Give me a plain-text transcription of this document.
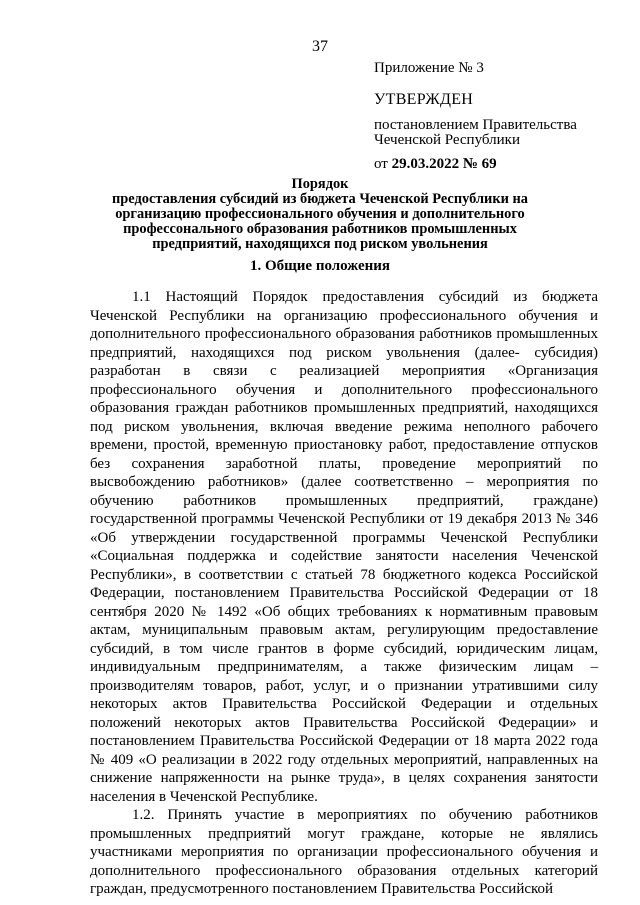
37

Приложение № 3

УТВЕРЖДЕН

постановлением Правительства Чеченской Республики

от 29.03.2022 № 69

Порядок

предоставления субсидий из бюджета Чеченской Республики на организацию профессионального обучения и дополнительного профессонального образования работников промышленных предприятий, находящихся под риском увольнения

1. Общие положения

1.1 Настоящий Порядок предоставления субсидий из бюджета Чеченской Республики на организацию профессионального обучения и дополнительного профессионального образования работников промышленных предприятий, находящихся под риском увольнения (далее- субсидия) разработан в связи с реализацией мероприятия «Организация профессионального обучения и дополнительного профессионального образования граждан работников промышленных предприятий, находящихся под риском увольнения, включая введение режима неполного рабочего времени, простой, временную приостановку работ, предоставление отпусков без сохранения заработной платы, проведение мероприятий по высвобождению работников» (далее соответственно – мероприятия по обучению работников промышленных предприятий, граждане) государственной программы Чеченской Республики от 19 декабря 2013 № 346 «Об утверждении государственной программы Чеченской Республики «Социальная поддержка и содействие занятости населения Чеченской Республики», в соответствии с статьей 78 бюджетного кодекса Российской Федерации, постановлением Правительства Российской Федерации от 18 сентября 2020 № 1492 «Об общих требованиях к нормативным правовым актам, муниципальным правовым актам, регулирующим предоставление субсидий, в том числе грантов в форме субсидий, юридическим лицам, индивидуальным предпринимателям, а также физическим лицам – производителям товаров, работ, услуг, и о признании утратившими силу некоторых актов Правительства Российской Федерации и отдельных положений некоторых актов Правительства Российской Федерации» и постановлением Правительства Российской Федерации от 18 марта 2022 года № 409 «О реализации в 2022 году отдельных мероприятий, направленных на снижение напряженности на рынке труда», в целях сохранения занятости населения в Чеченской Республике.

1.2. Принять участие в мероприятиях по обучению работников промышленных предприятий могут граждане, которые не являлись участниками мероприятия по организации профессионального обучения и дополнительного профессионального образования отдельных категорий граждан, предусмотренного постановлением Правительства Российской
